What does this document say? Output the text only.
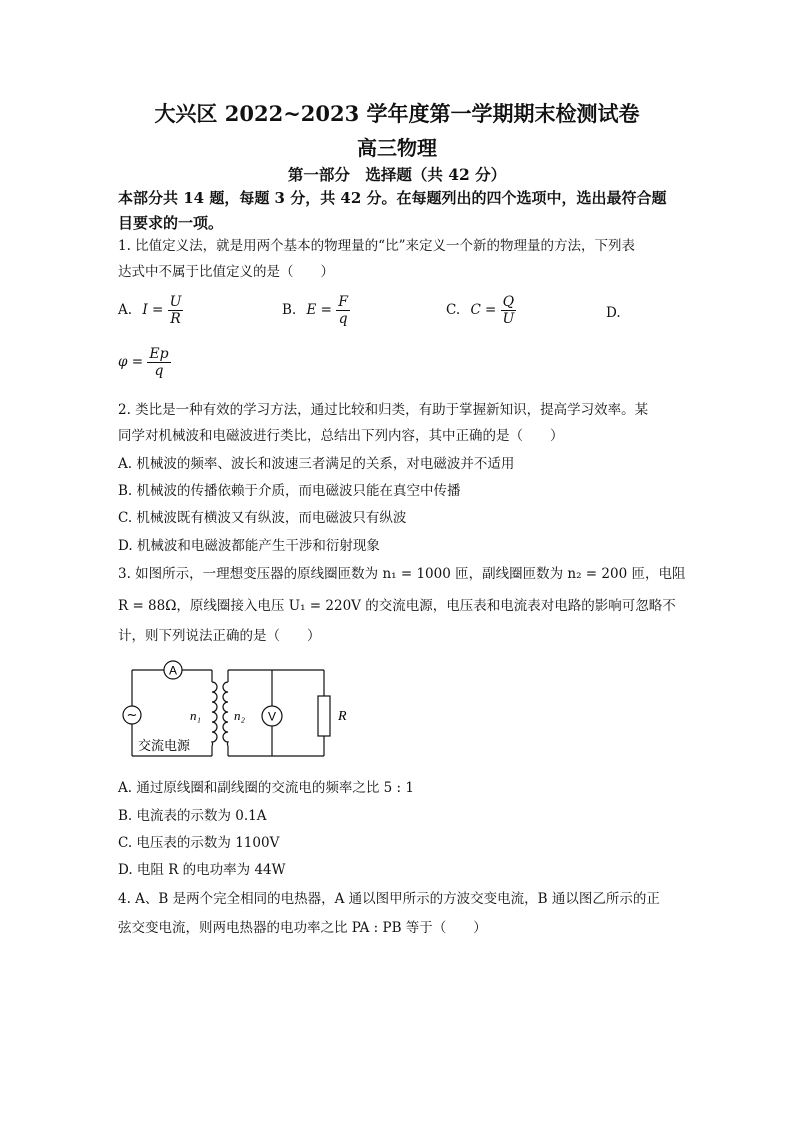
大兴区 2022~2023 学年度第一学期期末检测试卷
高三物理
第一部分　选择题（共 42 分）
本部分共 14 题，每题 3 分，共 42 分。在每题列出的四个选项中，选出最符合题目要求的一项。
1. 比值定义法，就是用两个基本的物理量的“比”来定义一个新的物理量的方法，下列表
达式中不属于比值定义的是（　　）
A. $I = \frac{U}{R}$	B. $E = \frac{F}{q}$	C. $C = \frac{Q}{U}$	D.
$\varphi = \frac{Ep}{q}$
2. 类比是一种有效的学习方法，通过比较和归类，有助于掌握新知识，提高学习效率。某
同学对机械波和电磁波进行类比，总结出下列内容，其中正确的是（　　）
A. 机械波的频率、波长和波速三者满足的关系，对电磁波并不适用
B. 机械波的传播依赖于介质，而电磁波只能在真空中传播
C. 机械波既有横波又有纵波，而电磁波只有纵波
D. 机械波和电磁波都能产生干涉和衍射现象
3. 如图所示，一理想变压器的原线圈匝数为 n₁ = 1000 匝，副线圈匝数为 n₂ = 200 匝，电阻
R = 88Ω，原线圈接入电压 U₁ = 220V 的交流电源，电压表和电流表对电路的影响可忽略不
计，则下列说法正确的是（　　）
A
V
~	n₁	n₂	R
交流电源
A. 通过原线圈和副线圈的交流电的频率之比 5 : 1
B. 电流表的示数为 0.1A
C. 电压表的示数为 1100V
D. 电阻 R 的电功率为 44W
4. A、B 是两个完全相同的电热器，A 通以图甲所示的方波交变电流，B 通以图乙所示的正
弦交变电流，则两电热器的电功率之比 PA : PB 等于（　　）
